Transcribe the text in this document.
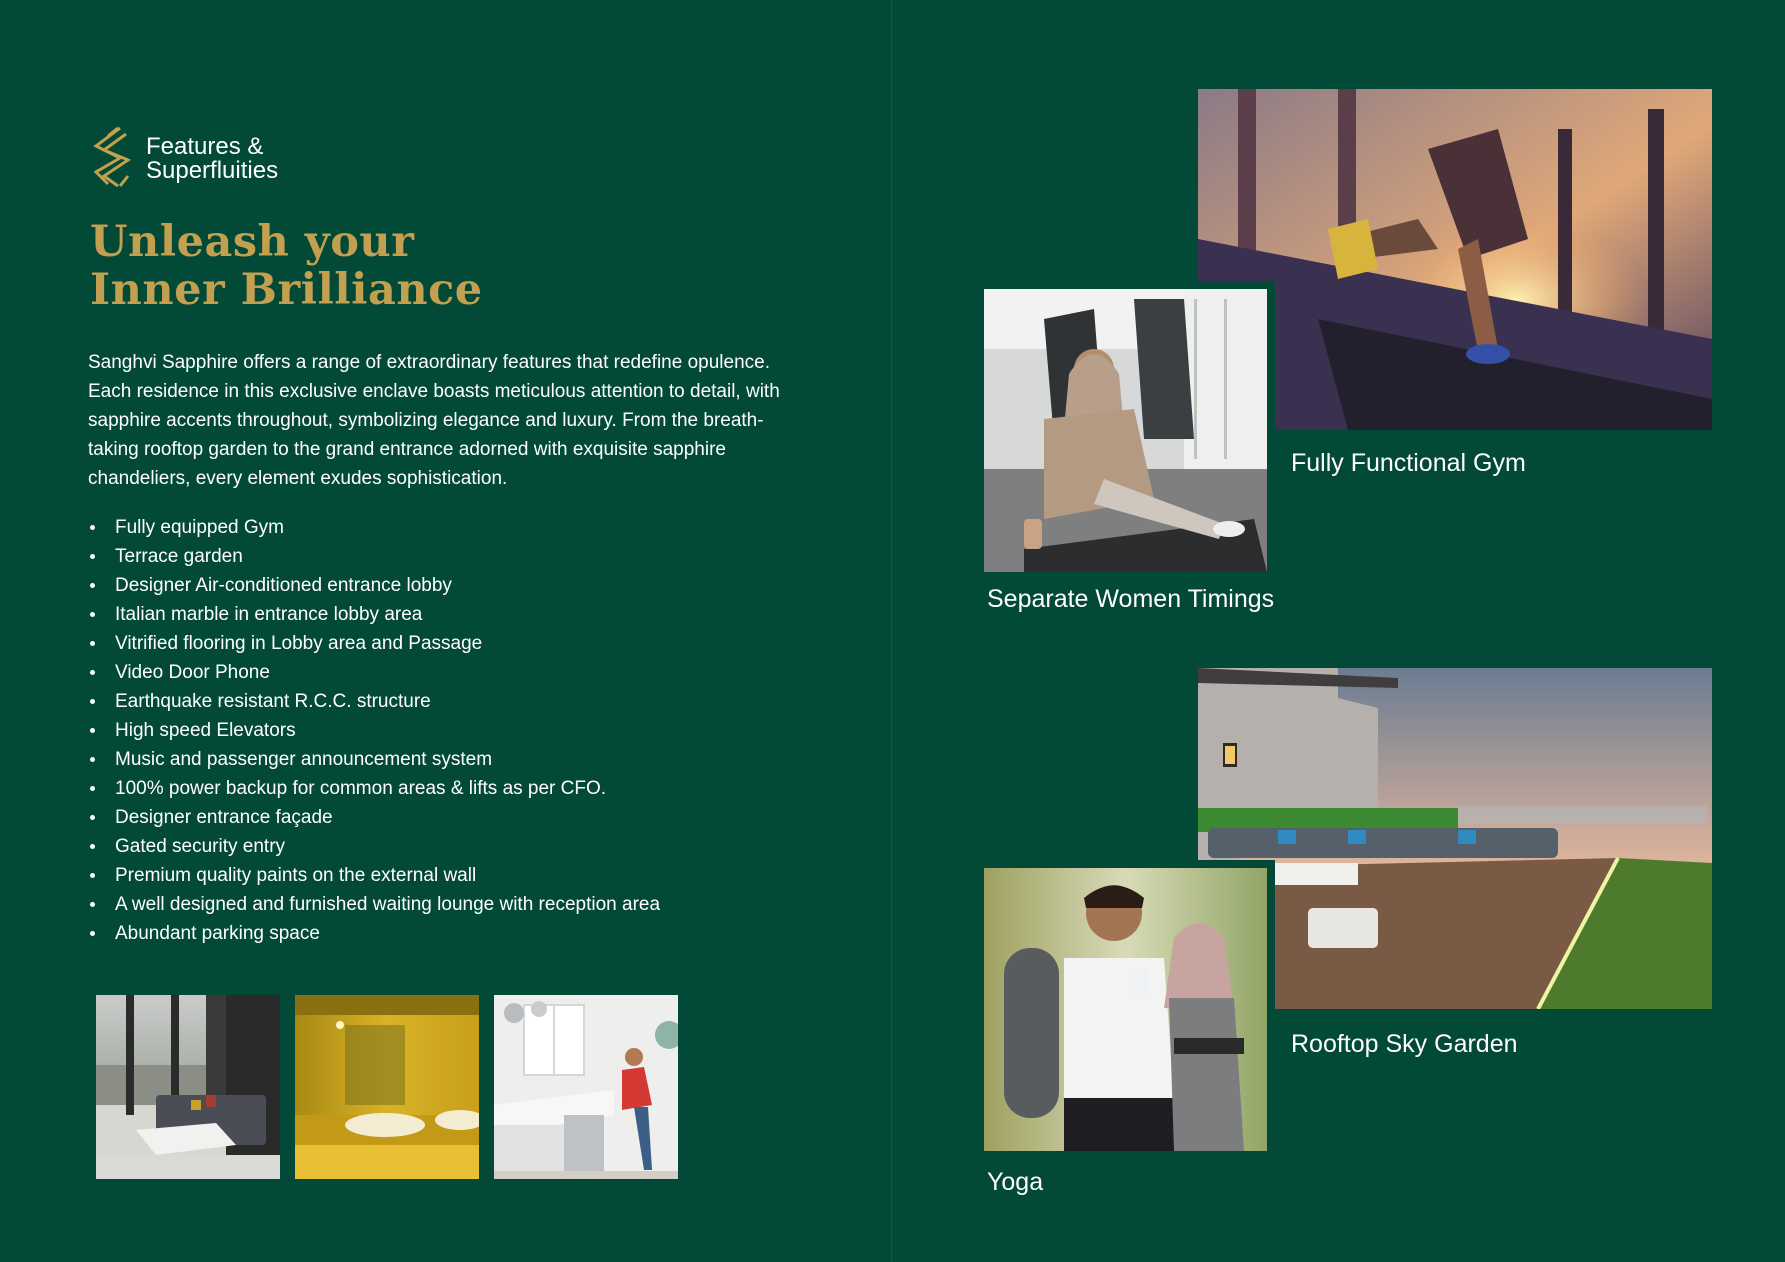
Features &
Superfluities
Unleash your
Inner Brilliance

Sanghvi Sapphire offers a range of extraordinary features that redefine opulence. Each residence in this exclusive enclave boasts meticulous attention to detail, with sapphire accents throughout, symbolizing elegance and luxury. From the breath-taking rooftop garden to the grand entrance adorned with exquisite sapphire chandeliers, every element exudes sophistication.

Fully equipped Gym
Terrace garden
Designer Air-conditioned entrance lobby
Italian marble in entrance lobby area
Vitrified flooring in Lobby area and Passage
Video Door Phone
Earthquake resistant R.C.C. structure
High speed Elevators
Music and passenger announcement system
100% power backup for common areas & lifts as per CFO.
Designer entrance façade
Gated security entry
Premium quality paints on the external wall
A well designed and furnished waiting lounge with reception area
Abundant parking space
Fully Functional Gym
Separate Women Timings
Rooftop Sky Garden
Yoga
